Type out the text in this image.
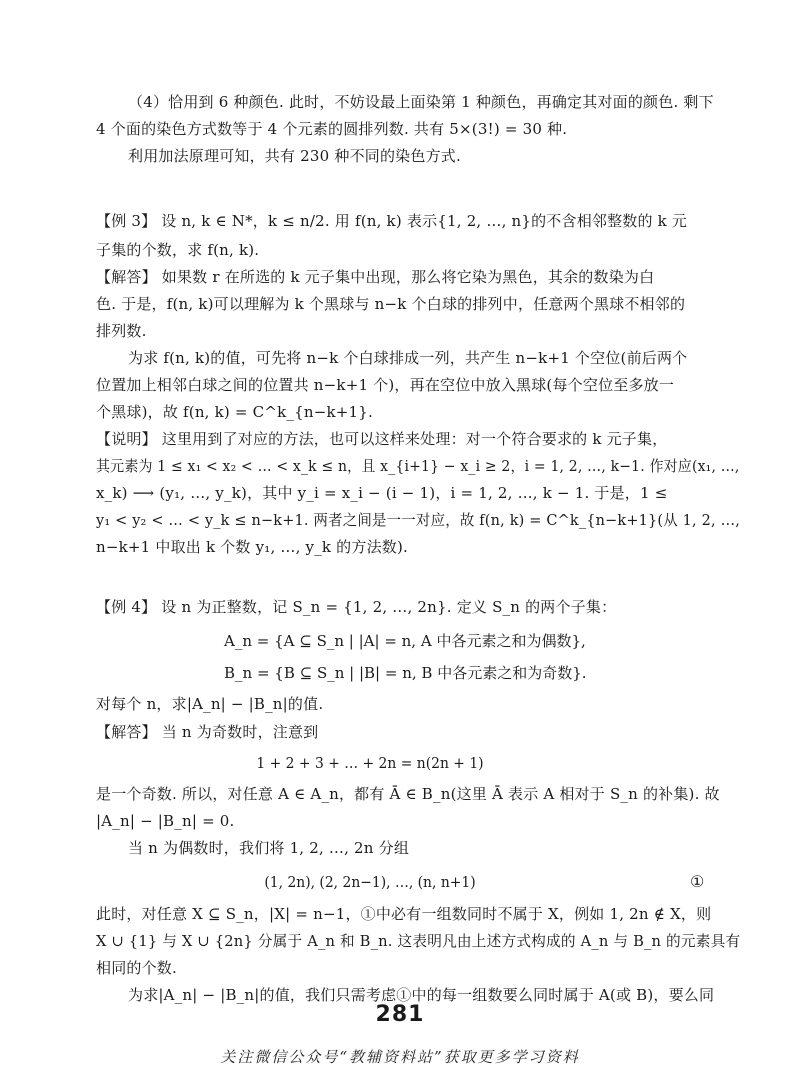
（4）恰用到 6 种颜色. 此时，不妨设最上面染第 1 种颜色，再确定其对面的颜色. 剩下
4 个面的染色方式数等于 4 个元素的圆排列数. 共有 5×(3!) = 30 种.
利用加法原理可知，共有 230 种不同的染色方式.
【例 3】 设 n, k ∈ N*，k ≤ n/2. 用 f(n, k) 表示{1, 2, …, n}的不含相邻整数的 k 元
子集的个数，求 f(n, k).
【解答】 如果数 r 在所选的 k 元子集中出现，那么将它染为黑色，其余的数染为白
色. 于是，f(n, k)可以理解为 k 个黑球与 n−k 个白球的排列中，任意两个黑球不相邻的
排列数.
为求 f(n, k)的值，可先将 n−k 个白球排成一列，共产生 n−k+1 个空位(前后两个
位置加上相邻白球之间的位置共 n−k+1 个)，再在空位中放入黑球(每个空位至多放一
个黑球)，故 f(n, k) = C^k_{n−k+1}.
【说明】 这里用到了对应的方法，也可以这样来处理：对一个符合要求的 k 元子集，
其元素为 1 ≤ x₁ < x₂ < … < x_k ≤ n，且 x_{i+1} − x_i ≥ 2，i = 1, 2, …, k−1. 作对应(x₁, …,
x_k) ⟶ (y₁, …, y_k)，其中 y_i = x_i − (i − 1)，i = 1, 2, …, k − 1. 于是，1 ≤
y₁ < y₂ < … < y_k ≤ n−k+1. 两者之间是一一对应，故 f(n, k) = C^k_{n−k+1}(从 1, 2, …,
n−k+1 中取出 k 个数 y₁, …, y_k 的方法数).
【例 4】 设 n 为正整数，记 S_n = {1, 2, …, 2n}. 定义 S_n 的两个子集：
A_n = {A ⊆ S_n | |A| = n, A 中各元素之和为偶数},
B_n = {B ⊆ S_n | |B| = n, B 中各元素之和为奇数}.
对每个 n，求|A_n| − |B_n|的值.
【解答】 当 n 为奇数时，注意到
1 + 2 + 3 + … + 2n = n(2n + 1)
是一个奇数. 所以，对任意 A ∈ A_n，都有 Ā ∈ B_n(这里 Ā 表示 A 相对于 S_n 的补集). 故
|A_n| − |B_n| = 0.
当 n 为偶数时，我们将 1, 2, …, 2n 分组
(1, 2n), (2, 2n−1), …, (n, n+1)	①
此时，对任意 X ⊆ S_n，|X| = n−1，①中必有一组数同时不属于 X，例如 1, 2n ∉ X，则
X ∪ {1} 与 X ∪ {2n} 分属于 A_n 和 B_n. 这表明凡由上述方式构成的 A_n 与 B_n 的元素具有
相同的个数.
为求|A_n| − |B_n|的值，我们只需考虑①中的每一组数要么同时属于 A(或 B)，要么同
281
关注微信公众号“教辅资料站”获取更多学习资料
